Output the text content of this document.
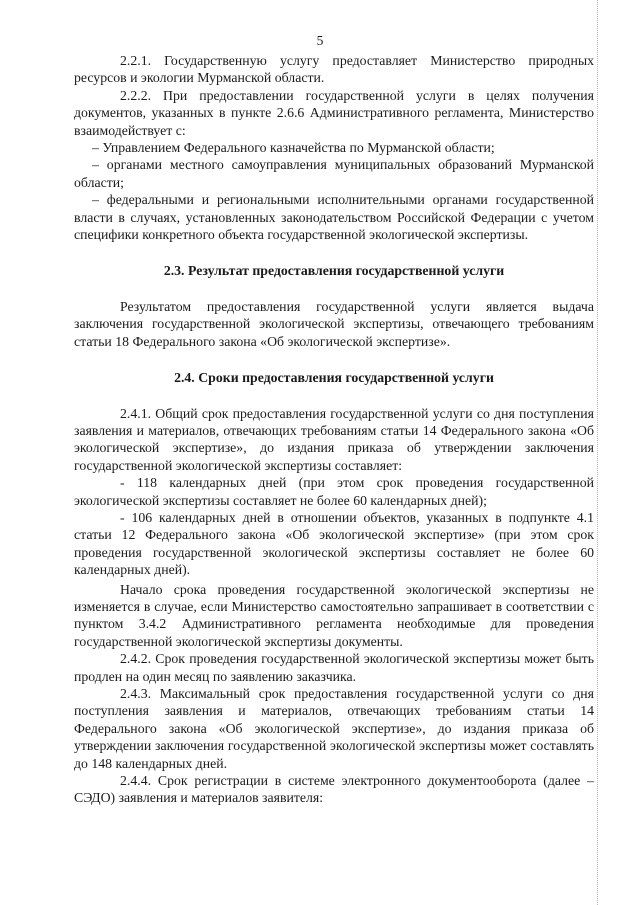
5

2.2.1. Государственную услугу предоставляет Министерство природных ресурсов и экологии Мурманской области.

2.2.2. При предоставлении государственной услуги в целях получения документов, указанных в пункте 2.6.6 Административного регламента, Министерство взаимодействует с:

– Управлением Федерального казначейства по Мурманской области;

– органами местного самоуправления муниципальных образований Мурманской области;

– федеральными и региональными исполнительными органами государственной власти в случаях, установленных законодательством Российской Федерации с учетом специфики конкретного объекта государственной экологической экспертизы.

2.3. Результат предоставления государственной услуги

Результатом предоставления государственной услуги является выдача заключения государственной экологической экспертизы, отвечающего требованиям статьи 18 Федерального закона «Об экологической экспертизе».

2.4. Сроки предоставления государственной услуги

2.4.1. Общий срок предоставления государственной услуги со дня поступления заявления и материалов, отвечающих требованиям статьи 14 Федерального закона «Об экологической экспертизе», до издания приказа об утверждении заключения государственной экологической экспертизы составляет:

- 118 календарных дней (при этом срок проведения государственной экологической экспертизы составляет не более 60 календарных дней);

- 106 календарных дней в отношении объектов, указанных в подпункте 4.1 статьи 12 Федерального закона «Об экологической экспертизе» (при этом срок проведения государственной экологической экспертизы составляет не более 60 календарных дней).

Начало срока проведения государственной экологической экспертизы не изменяется в случае, если Министерство самостоятельно запрашивает в соответствии с пунктом 3.4.2 Административного регламента необходимые для проведения государственной экологической экспертизы документы.

2.4.2. Срок проведения государственной экологической экспертизы может быть продлен на один месяц по заявлению заказчика.

2.4.3. Максимальный срок предоставления государственной услуги со дня поступления заявления и материалов, отвечающих требованиям статьи 14 Федерального закона «Об экологической экспертизе», до издания приказа об утверждении заключения государственной экологической экспертизы может составлять до 148 календарных дней.

2.4.4. Срок регистрации в системе электронного документооборота (далее – СЭДО) заявления и материалов заявителя:
